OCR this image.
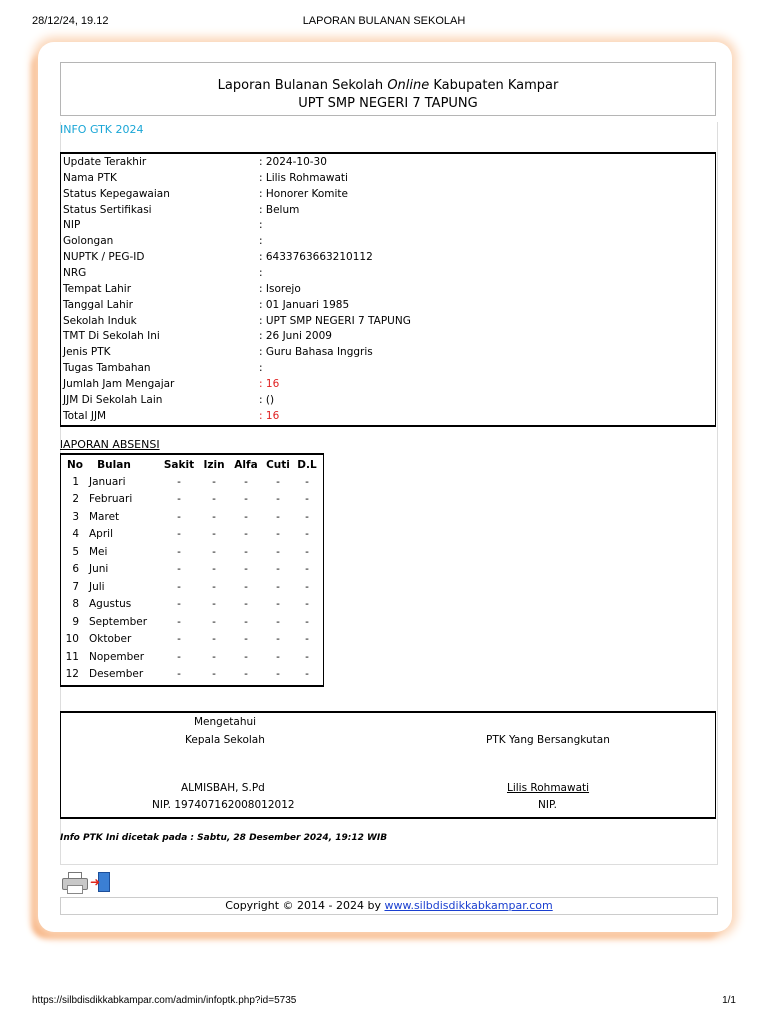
28/12/24, 19.12	LAPORAN BULANAN SEKOLAH
Laporan Bulanan Sekolah Online Kabupaten Kampar
UPT SMP NEGERI 7 TAPUNG
INFO GTK 2024
Update Terakhir	: 2024-10-30
Nama PTK	: Lilis Rohmawati
Status Kepegawaian	: Honorer Komite
Status Sertifikasi	: Belum
NIP	:
Golongan	:
NUPTK / PEG-ID	: 6433763663210112
NRG	:
Tempat Lahir	: Isorejo
Tanggal Lahir	: 01 Januari 1985
Sekolah Induk	: UPT SMP NEGERI 7 TAPUNG
TMT Di Sekolah Ini	: 26 Juni 2009
Jenis PTK	: Guru Bahasa Inggris
Tugas Tambahan	:
Jumlah Jam Mengajar	: 16
JJM Di Sekolah Lain	: ()
Total JJM	: 16
lAPORAN ABSENSI
No	Bulan	Sakit Izin Alfa Cuti D.L
1 Januari	-	-	-	-	-
2 Februari	-	-	-	-	-
3 Maret	-	-	-	-	-
4 April	-	-	-	-	-
5 Mei	-	-	-	-	-
6 Juni	-	-	-	-	-
7 Juli	-	-	-	-	-
8 Agustus	-	-	-	-	-
9 September	-	-	-	-	-
10 Oktober	-	-	-	-	-
11 Nopember	-	-	-	-	-
12 Desember	-	-	-	-	-
Mengetahui
Kepala Sekolah	PTK Yang Bersangkutan
ALMISBAH, S.Pd	Lilis Rohmawati
NIP. 197407162008012012	NIP.
Info PTK Ini dicetak pada : Sabtu, 28 Desember 2024, 19:12 WIB
➜
Copyright © 2014 - 2024 by www.silbdisdikkabkampar.com
https://silbdisdikkabkampar.com/admin/infoptk.php?id=5735	1/1
